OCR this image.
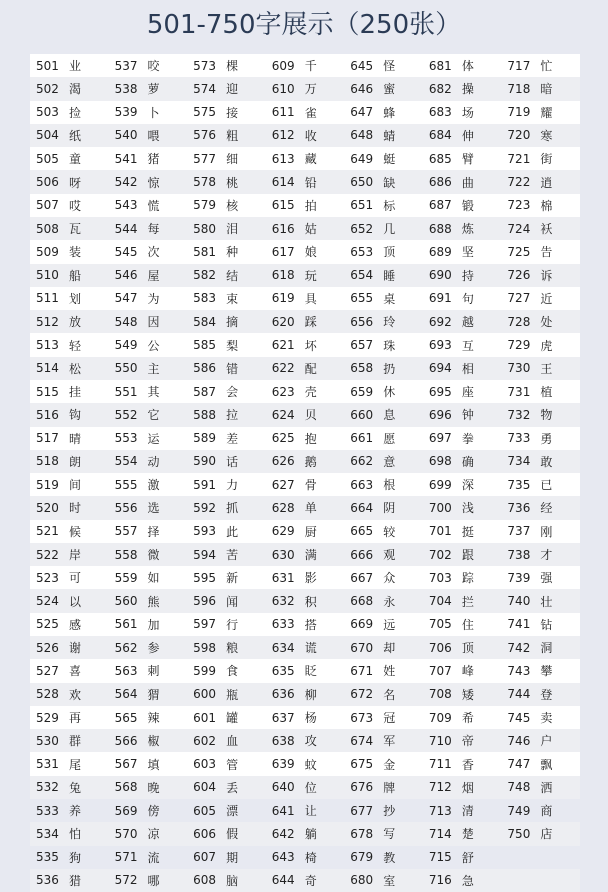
501-750字展示（250张）
501 业
502 渴
503 捡
504 纸
505 童
506 呀
507 哎
508 瓦
509 装
510 船
511 划
512 放
513 轻
514 松
515 挂
516 钩
517 晴
518 朗
519 间
520 时
521 候
522 岸
523 可
524 以
525 感
526 谢
527 喜
528 欢
529 再
530 群
531 尾
532 兔
533 养
534 怕
535 狗
536 猎
537 咬
538 萝
539 卜
540 喂
541 猪
542 惊
543 慌
544 每
545 次
546 屋
547 为
548 因
549 公
550 主
551 其
552 它
553 运
554 动
555 激
556 选
557 择
558 微
559 如
560 熊
561 加
562 参
563 刺
564 猬
565 辣
566 椒
567 填
568 晚
569 傍
570 凉
571 流
572 哪
573 棵
574 迎
575 接
576 粗
577 细
578 桃
579 核
580 泪
581 种
582 结
583 束
584 摘
585 梨
586 错
587 会
588 拉
589 差
590 话
591 力
592 抓
593 此
594 苦
595 新
596 闻
597 行
598 粮
599 食
600 瓶
601 罐
602 血
603 管
604 丢
605 漂
606 假
607 期
608 脑
609 千
610 万
611 雀
612 收
613 藏
614 铅
615 拍
616 姑
617 娘
618 玩
619 具
620 踩
621 坏
622 配
623 壳
624 贝
625 抱
626 鹅
627 骨
628 单
629 厨
630 满
631 影
632 积
633 搭
634 谎
635 眨
636 柳
637 杨
638 攻
639 蚊
640 位
641 让
642 躺
643 椅
644 奇
645 怪
646 蜜
647 蜂
648 蜻
649 蜓
650 缺
651 标
652 几
653 顶
654 睡
655 桌
656 玲
657 珠
658 扔
659 休
660 息
661 愿
662 意
663 根
664 阴
665 较
666 观
667 众
668 永
669 远
670 却
671 姓
672 名
673 冠
674 军
675 金
676 牌
677 抄
678 写
679 教
680 室
681 体
682 操
683 场
684 伸
685 臂
686 曲
687 锻
688 炼
689 坚
690 持
691 句
692 越
693 互
694 相
695 座
696 钟
697 拳
698 确
699 深
700 浅
701 挺
702 跟
703 踪
704 拦
705 住
706 顶
707 峰
708 矮
709 希
710 帝
711 香
712 烟
713 清
714 楚
715 舒
716 急
717 忙
718 暗
719 耀
720 寒
721 街
722 逍
723 棉
724 袄
725 告
726 诉
727 近
728 处
729 虎
730 王
731 植
732 物
733 勇
734 敢
735 已
736 经
737 刚
738 才
739 强
740 壮
741 钻
742 洞
743 攀
744 登
745 卖
746 户
747 飘
748 洒
749 商
750 店
